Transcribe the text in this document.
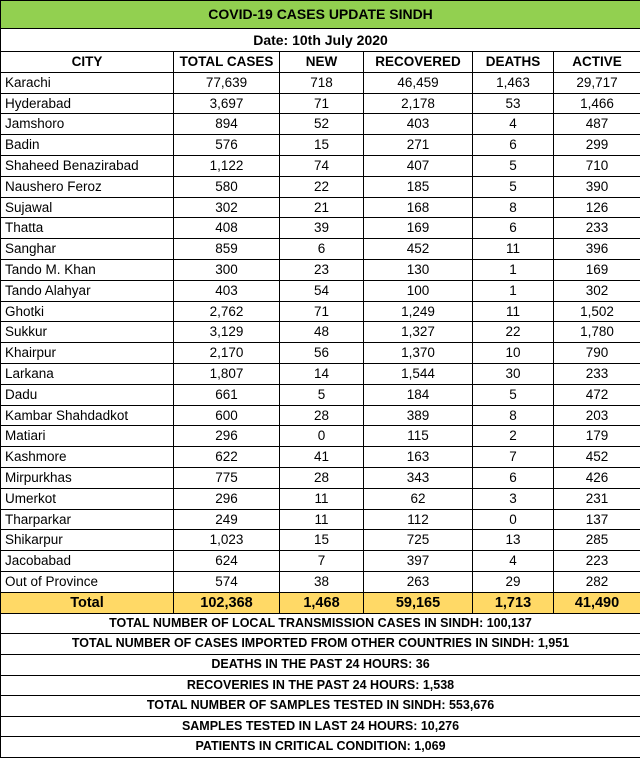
COVID-19 CASES UPDATE SINDH					
Date: 10th July 2020					
CITY	TOTAL CASES	NEW	RECOVERED	DEATHS	ACTIVE
Karachi	77,639	718	46,459	1,463	29,717
Hyderabad	3,697	71	2,178	53	1,466
Jamshoro	894	52	403	4	487
Badin	576	15	271	6	299
Shaheed Benazirabad	1,122	74	407	5	710
Naushero Feroz	580	22	185	5	390
Sujawal	302	21	168	8	126
Thatta	408	39	169	6	233
Sanghar	859	6	452	11	396
Tando M. Khan	300	23	130	1	169
Tando Alahyar	403	54	100	1	302
Ghotki	2,762	71	1,249	11	1,502
Sukkur	3,129	48	1,327	22	1,780
Khairpur	2,170	56	1,370	10	790
Larkana	1,807	14	1,544	30	233
Dadu	661	5	184	5	472
Kambar Shahdadkot	600	28	389	8	203
Matiari	296	0	115	2	179
Kashmore	622	41	163	7	452
Mirpurkhas	775	28	343	6	426
Umerkot	296	11	62	3	231
Tharparkar	249	11	112	0	137
Shikarpur	1,023	15	725	13	285
Jacobabad	624	7	397	4	223
Out of Province	574	38	263	29	282
Total	102,368	1,468	59,165	1,713	41,490
TOTAL NUMBER OF LOCAL TRANSMISSION CASES IN SINDH: 100,137					
TOTAL NUMBER OF CASES IMPORTED FROM OTHER COUNTRIES IN SINDH: 1,951					
DEATHS IN THE PAST 24 HOURS: 36					
RECOVERIES IN THE PAST 24 HOURS: 1,538					
TOTAL NUMBER OF SAMPLES TESTED IN SINDH: 553,676					
SAMPLES TESTED IN LAST 24 HOURS: 10,276					
PATIENTS IN CRITICAL CONDITION: 1,069					
